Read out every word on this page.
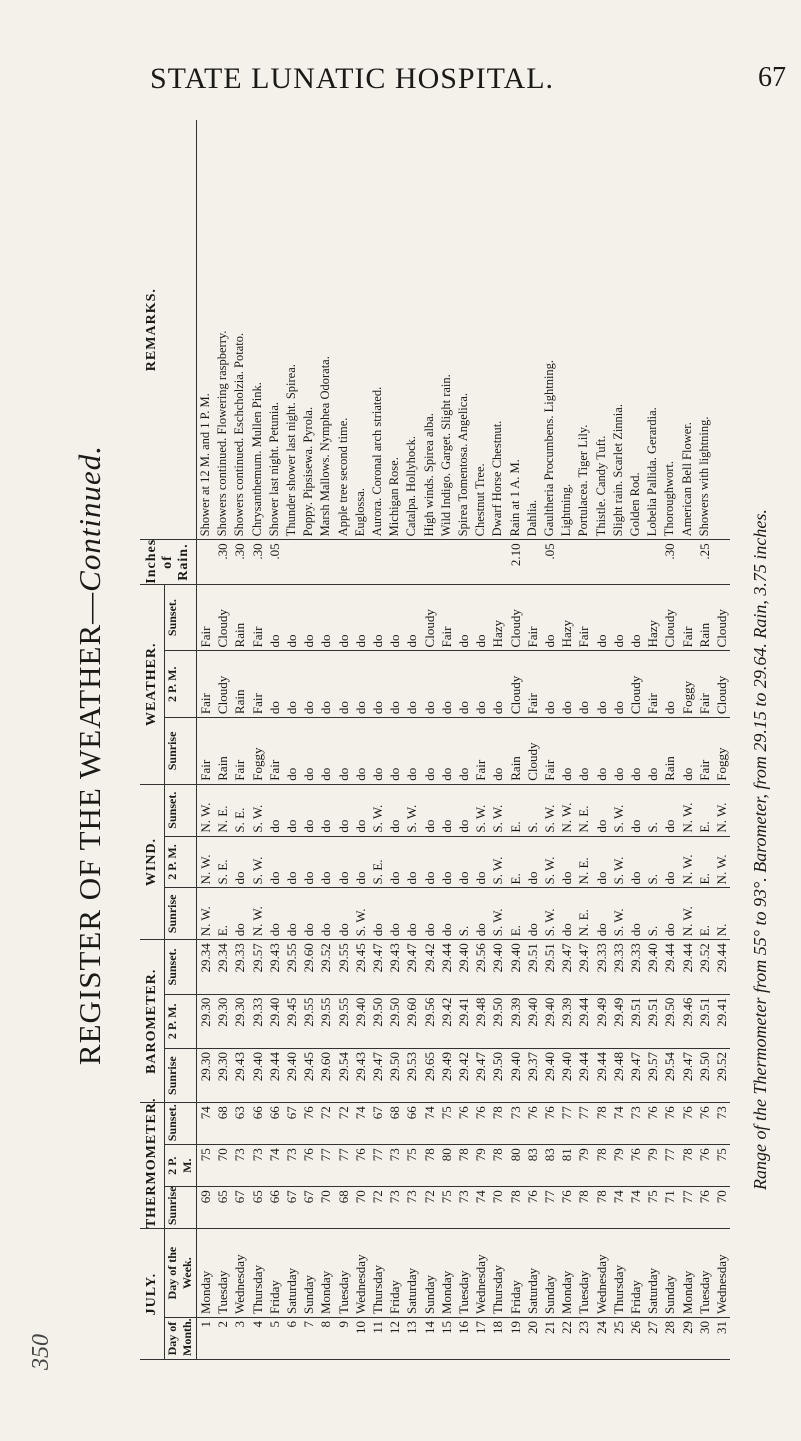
STATE LUNATIC HOSPITAL.	67
350
REGISTER OF THE WEATHER—Continued.
JULY.		THERMOMETER.			BAROMETER.			WIND.			WEATHER.			Inches of Rain.	REMARKS.
Day of Month.	Day of the Week.	Sunrise	2 P. M.	Sunset.	Sunrise	2 P. M.	Sunset.	Sunrise	2 P. M.	Sunset.	Sunrise	2 P. M.	Sunset.		
1	Monday	69	75	74	29.30	29.30	29.34	N. W.	N. W.	N. W.	Fair	Fair	Fair		Shower at 12 M. and 1 P. M.
2	Tuesday	65	70	68	29.30	29.30	29.34	E.	S. E.	N. E.	Rain	Cloudy	Cloudy	.30	Showers continued. Flowering raspberry.
3	Wednesday	67	73	63	29.43	29.30	29.33	do	do	S. E.	Fair	Rain	Rain	.30	Showers continued. Eschcholzia. Potato.
4	Thursday	65	73	66	29.40	29.33	29.57	N. W.	S. W.	S. W.	Foggy	Fair	Fair	.30	Chrysanthemum. Mullen Pink.
5	Friday	66	74	66	29.44	29.40	29.43	do	do	do	Fair	do	do	.05	Shower last night. Petunia.
6	Saturday	67	73	67	29.40	29.45	29.55	do	do	do	do	do	do		Thunder shower last night. Spirea.
7	Sunday	67	76	76	29.45	29.55	29.60	do	do	do	do	do	do		Poppy. Pipsisewa. Pyrola.
8	Monday	70	77	72	29.60	29.55	29.52	do	do	do	do	do	do		Marsh Mallows. Nymphea Odorata.
9	Tuesday	68	77	72	29.54	29.55	29.55	do	do	do	do	do	do		Apple tree second time.
10	Wednesday	70	76	74	29.43	29.40	29.45	S. W.	do	do	do	do	do		Euglossa.
11	Thursday	72	77	67	29.47	29.50	29.47	do	S. E.	S. W.	do	do	do		Aurora. Coronal arch striated.
12	Friday	73	73	68	29.50	29.50	29.43	do	do	do	do	do	do		Michigan Rose.
13	Saturday	73	75	66	29.53	29.60	29.47	do	do	S. W.	do	do	do		Catalpa. Hollyhock.
14	Sunday	72	78	74	29.65	29.56	29.42	do	do	do	do	do	Cloudy		High winds. Spirea alba.
15	Monday	75	80	75	29.49	29.42	29.44	do	do	do	do	do	Fair		Wild Indigo. Garget. Slight rain.
16	Tuesday	73	78	76	29.42	29.41	29.40	S.	do	do	do	do	do		Spirea Tomentosa. Angelica.
17	Wednesday	74	79	76	29.47	29.48	29.56	do	do	S. W.	Fair	do	do		Chestnut Tree.
18	Thursday	70	78	78	29.50	29.50	29.40	S. W.	S. W.	S. W.	do	do	Hazy		Dwarf Horse Chestnut.
19	Friday	78	80	73	29.40	29.39	29.40	E.	E.	E.	Rain	Cloudy	Cloudy	2.10	Rain at 1 A. M.
20	Saturday	76	83	76	29.37	29.40	29.51	do	do	S.	Cloudy	Fair	Fair		Dahlia.
21	Sunday	77	83	76	29.40	29.40	29.51	S. W.	S. W.	S. W.	Fair	do	do	.05	Gaultheria Procumbens. Lightning.
22	Monday	76	81	77	29.40	29.39	29.47	do	do	N. W.	do	do	Hazy		Lightning.
23	Tuesday	78	79	77	29.44	29.44	29.47	N. E.	N. E.	N. E.	do	do	Fair		Portulacea. Tiger Lily.
24	Wednesday	78	78	78	29.44	29.49	29.33	do	do	do	do	do	do		Thistle. Candy Tuft.
25	Thursday	74	79	74	29.48	29.49	29.33	S. W.	S. W.	S. W.	do	do	do		Slight rain. Scarlet Zinnia.
26	Friday	74	76	73	29.47	29.51	29.33	do	do	do	do	Cloudy	do		Golden Rod.
27	Saturday	75	79	76	29.57	29.51	29.40	S.	S.	S.	do	Fair	Hazy		Lobelia Pallida. Gerardia.
28	Sunday	71	77	76	29.54	29.50	29.44	do	do	do	Rain	do	Cloudy	.30	Thoroughwort.
29	Monday	77	78	76	29.47	29.46	29.44	N. W.	N. W.	N. W.	do	Foggy	Fair		American Bell Flower.
30	Tuesday	76	76	76	29.50	29.51	29.52	E.	E.	E.	Fair	Fair	Rain	.25	Showers with lightning.
31	Wednesday	70	75	73	29.52	29.41	29.44	N.	N. W.	N. W.	Foggy	Cloudy	Cloudy		Range of the Thermometer from 55° to 93°. Barometer, from 29.15 to 29.64. Rain, 3.75 inches.
